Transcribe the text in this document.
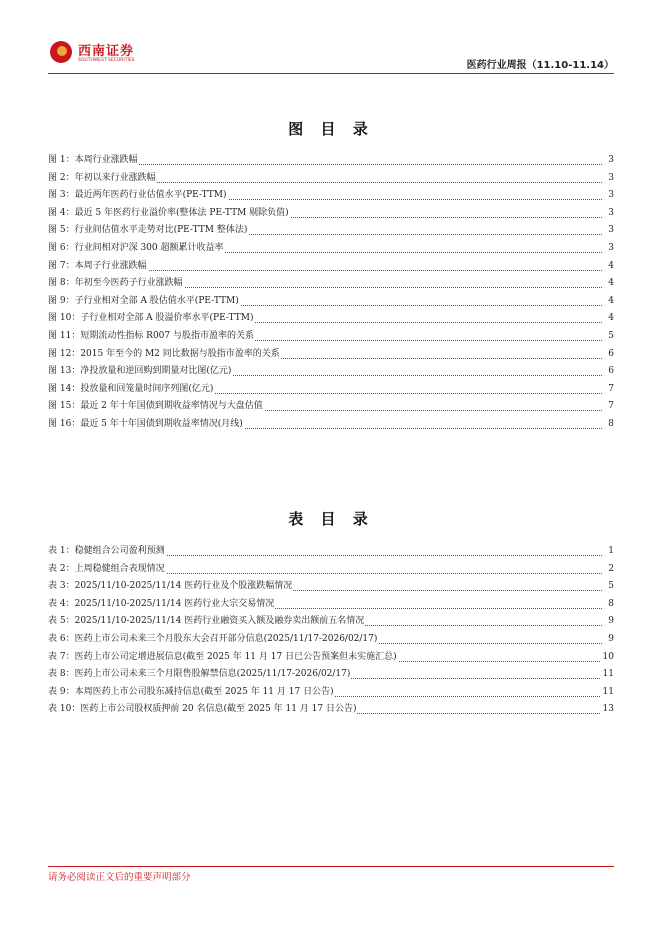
西南证券
SOUTHWEST SECURITIES	医药行业周报（11.10-11.14）
图 目 录
图 1：本周行业涨跌幅	3
图 2：年初以来行业涨跌幅	3
图 3：最近两年医药行业估值水平(PE-TTM)	3
图 4：最近 5 年医药行业溢价率(整体法 PE-TTM 剔除负值)	3
图 5：行业间估值水平走势对比(PE-TTM 整体法)	3
图 6：行业间相对沪深 300 超额累计收益率	3
图 7：本周子行业涨跌幅	4
图 8：年初至今医药子行业涨跌幅	4
图 9：子行业相对全部 A 股估值水平(PE-TTM)	4
图 10：子行业相对全部 A 股溢价率水平(PE-TTM)	4
图 11：短期流动性指标 R007 与股指市盈率的关系	5
图 12：2015 年至今的 M2 同比数据与股指市盈率的关系	6
图 13：净投放量和逆回购到期量对比图(亿元)	6
图 14：投放量和回笼量时间序列图(亿元)	7
图 15：最近 2 年十年国债到期收益率情况与大盘估值	7
图 16：最近 5 年十年国债到期收益率情况(月线)	8
表 目 录
表 1：稳健组合公司盈利预测	1
表 2：上周稳健组合表现情况	2
表 3：2025/11/10-2025/11/14 医药行业及个股涨跌幅情况	5
表 4：2025/11/10-2025/11/14 医药行业大宗交易情况	8
表 5：2025/11/10-2025/11/14 医药行业融资买入额及融券卖出额前五名情况	9
表 6：医药上市公司未来三个月股东大会召开部分信息(2025/11/17-2026/02/17)	9
表 7：医药上市公司定增进展信息(截至 2025 年 11 月 17 日已公告预案但未实施汇总)	10
表 8：医药上市公司未来三个月限售股解禁信息(2025/11/17-2026/02/17)	11
表 9：本周医药上市公司股东减持信息(截至 2025 年 11 月 17 日公告)	11
表 10：医药上市公司股权质押前 20 名信息(截至 2025 年 11 月 17 日公告)	13
请务必阅读正文后的重要声明部分
